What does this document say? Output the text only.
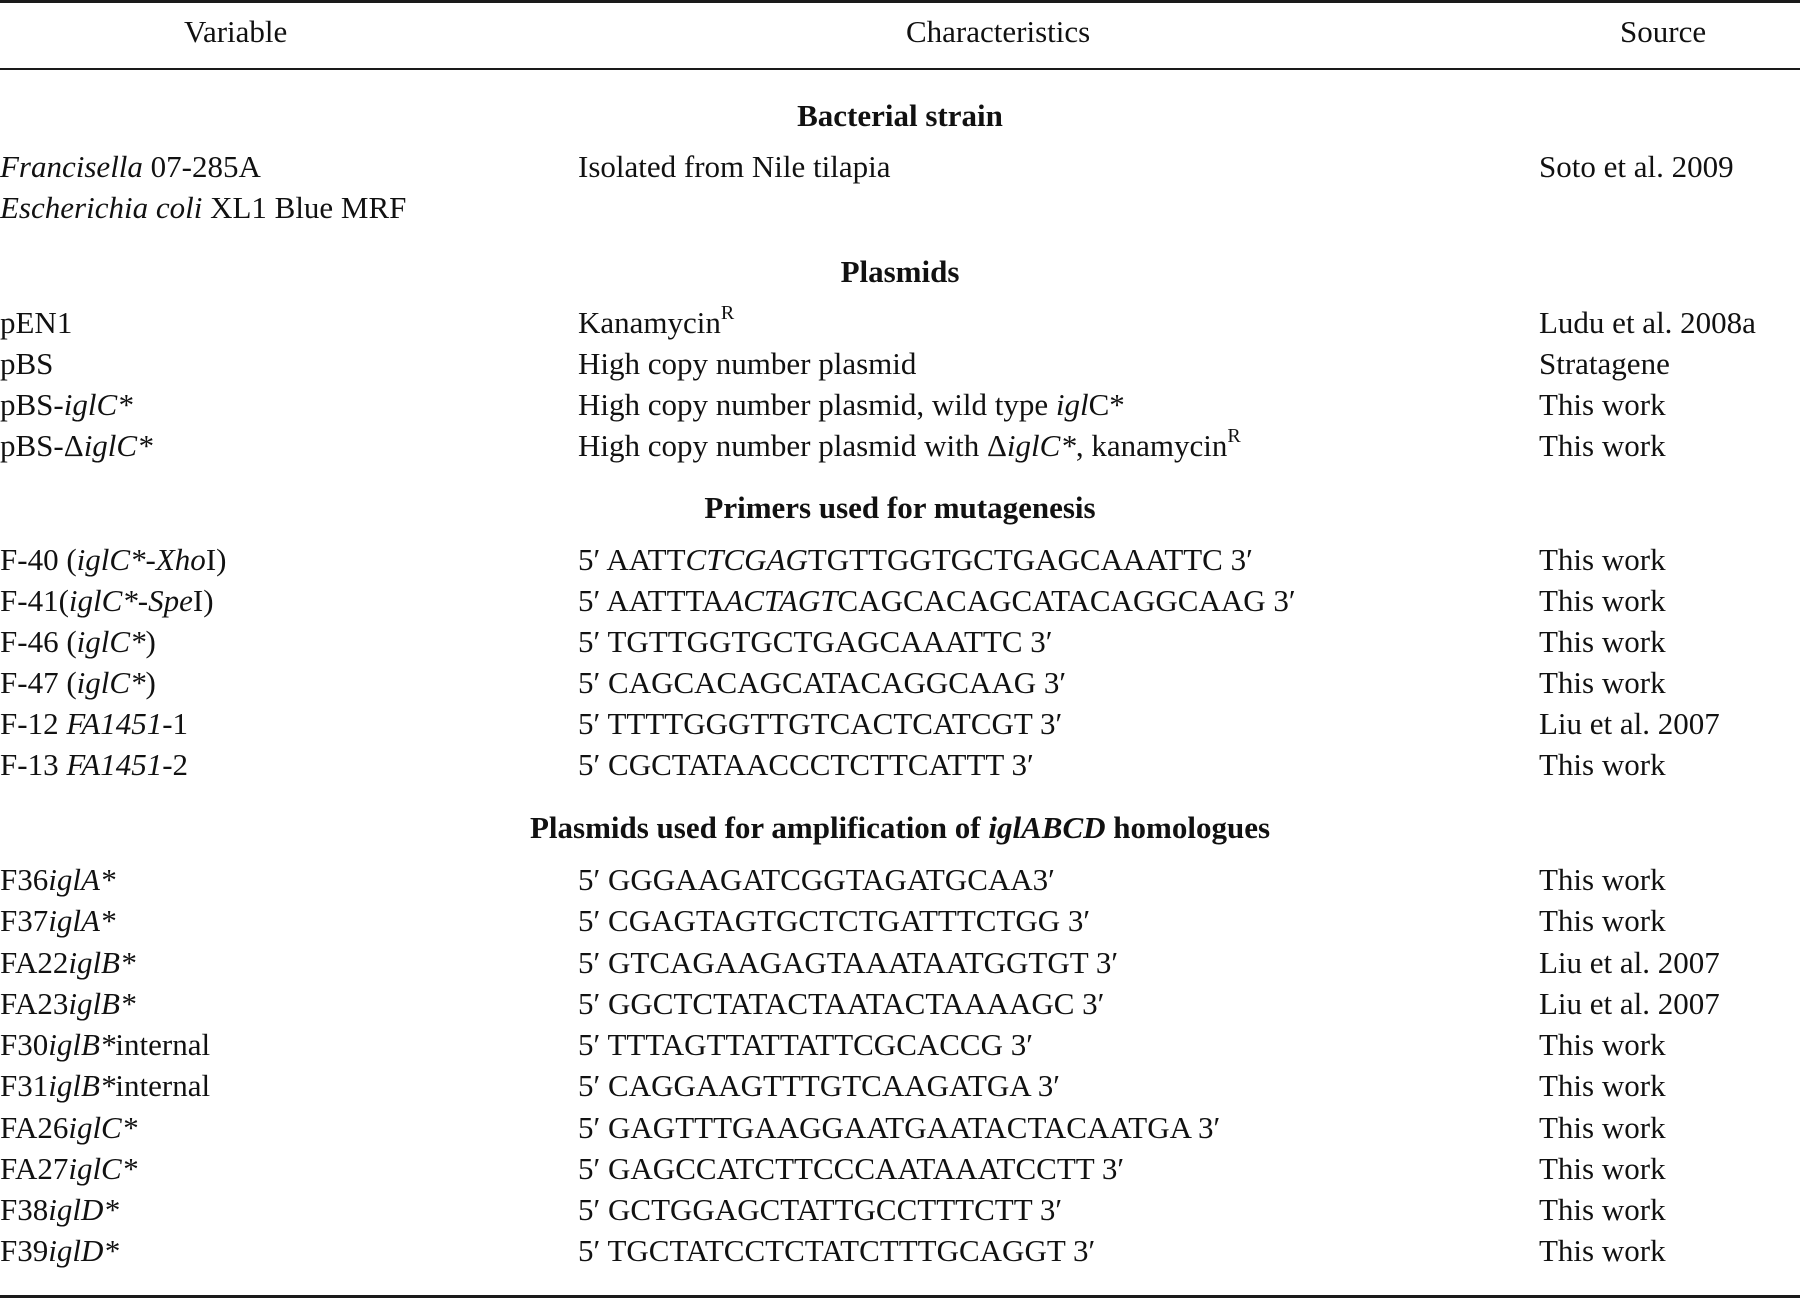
Variable	Characteristics	Source
Bacterial strain
Francisella 07-285A	Isolated from Nile tilapia	Soto et al. 2009
Escherichia coli XL1 Blue MRF
Plasmids
pEN1	Kanamycin$^R$	Ludu et al. 2008a
pBS	High copy number plasmid	Stratagene
pBS-iglC*	High copy number plasmid, wild type iglC*	This work
pBS-ΔiglC*	High copy number plasmid with ΔiglC*, kanamycin$^R$	This work
Primers used for mutagenesis
F-40 (iglC*-XhoI)	5′ AATTCTCGAGTGTTGGTGCTGAGCAAATTC 3′	This work
F-41(iglC*-SpeI)	5′ AATTTAACTAGTCAGCACAGCATACAGGCAAG 3′	This work
F-46 (iglC*)	5′ TGTTGGTGCTGAGCAAATTC 3′	This work
F-47 (iglC*)	5′ CAGCACAGCATACAGGCAAG 3′	This work
F-12 FA1451-1	5′ TTTTGGGTTGTCACTCATCGT 3′	Liu et al. 2007
F-13 FA1451-2	5′ CGCTATAACCCTCTTCATTT 3′	This work
Plasmids used for amplification of iglABCD homologues
F36iglA*	5′ GGGAAGATCGGTAGATGCAA3′	This work
F37iglA*	5′ CGAGTAGTGCTCTGATTTCTGG 3′	This work
FA22iglB*	5′ GTCAGAAGAGTAAATAATGGTGT 3′	Liu et al. 2007
FA23iglB*	5′ GGCTCTATACTAATACTAAAAGC 3′	Liu et al. 2007
F30iglB*internal	5′ TTTAGTTATTATTCGCACCG 3′	This work
F31iglB*internal	5′ CAGGAAGTTTGTCAAGATGA 3′	This work
FA26iglC*	5′ GAGTTTGAAGGAATGAATACTACAATGA 3′	This work
FA27iglC*	5′ GAGCCATCTTCCCAATAAATCCTT 3′	This work
F38iglD*	5′ GCTGGAGCTATTGCCTTTCTT 3′	This work
F39iglD*	5′ TGCTATCCTCTATCTTTGCAGGT 3′	This work
